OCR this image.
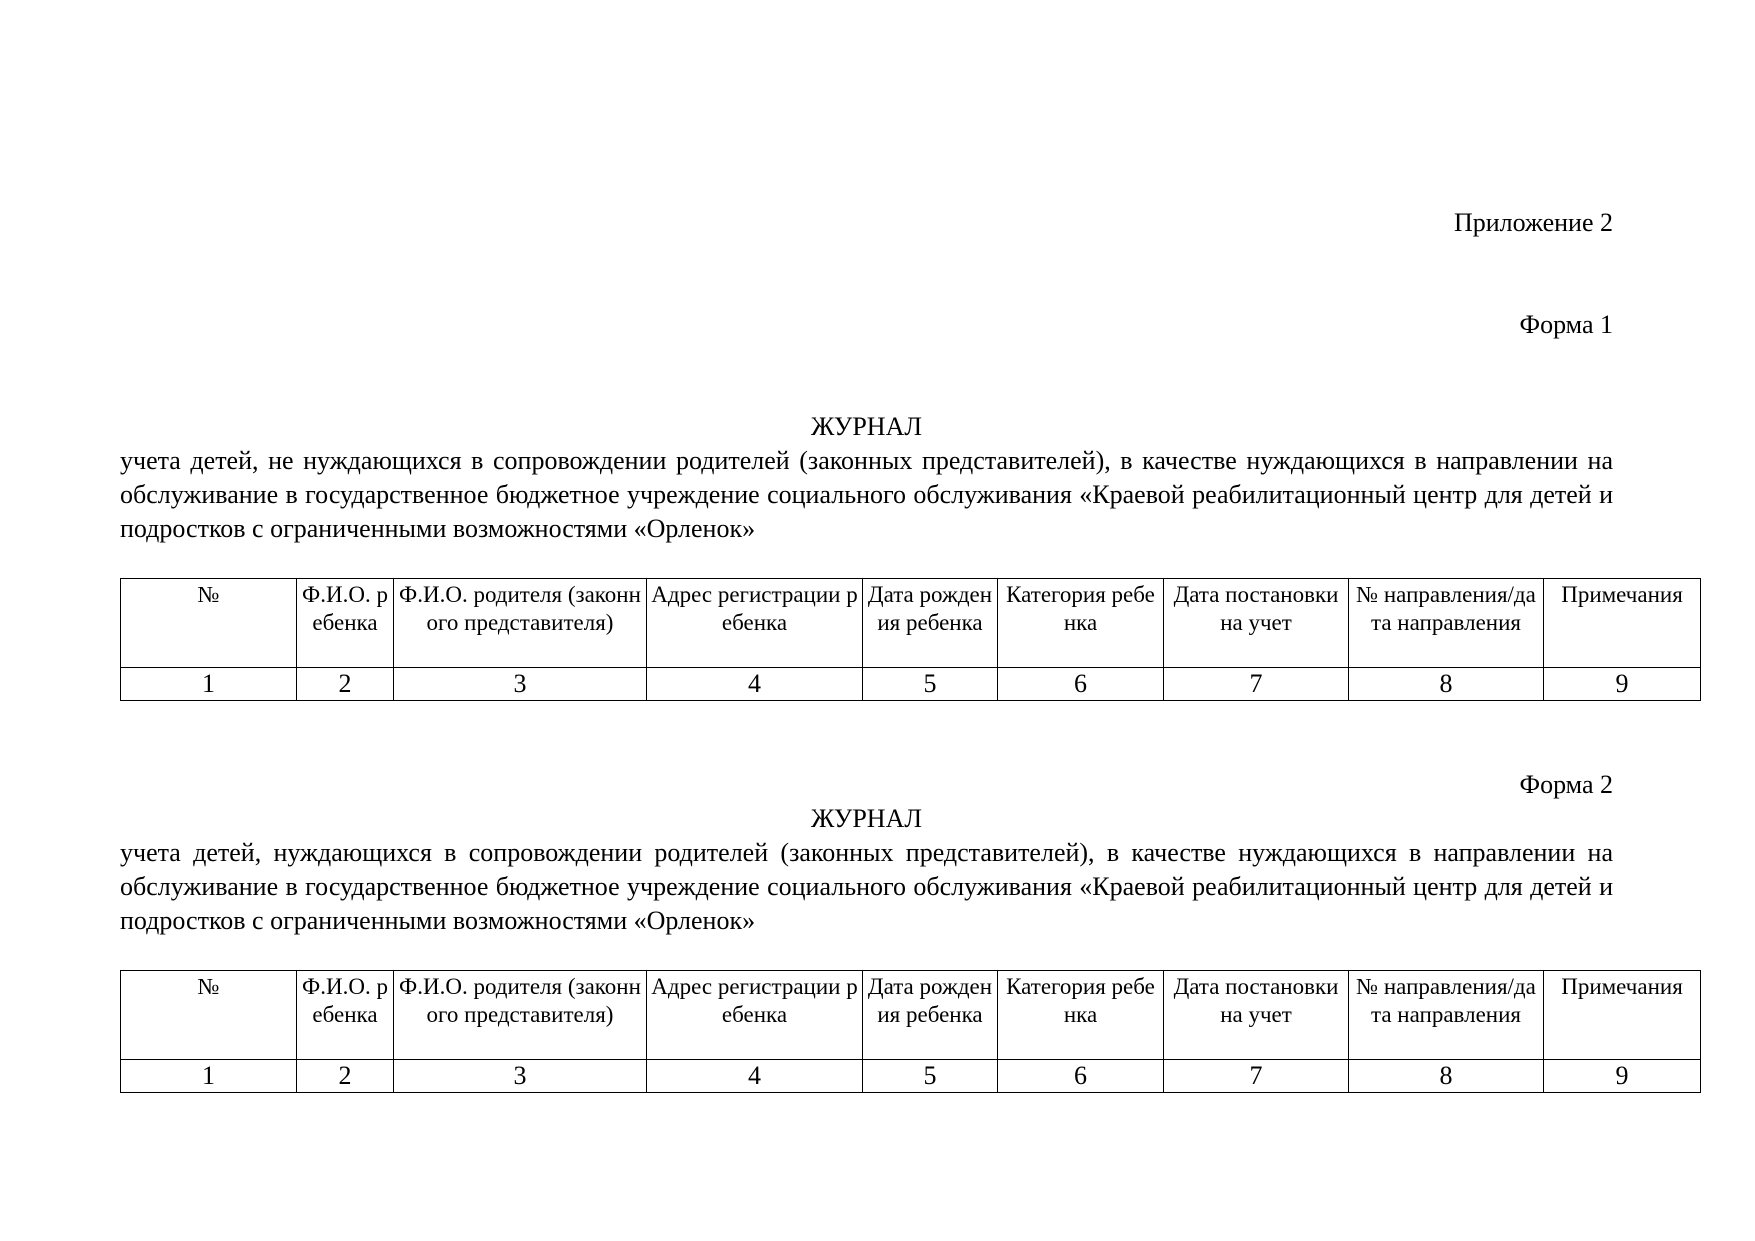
Приложение 2
Форма 1
ЖУРНАЛ
учета детей, не нуждающихся в сопровождении родителей (законных представителей), в качестве нуждающихся в направлении на обслуживание в государственное бюджетное учреждение социального обслуживания «Краевой реабилитационный центр для детей и подростков с ограниченными возможностями «Орленок»
№	Ф.И.О. ребенка	Ф.И.О. родителя (законного представителя)	Адрес регистрации ребенка	Дата рождения ребенка	Категория ребенка	Дата постановки на учет	№ направления/дата направления	Примечания
1	2	3	4	5	6	7	8	9
Форма 2
ЖУРНАЛ
учета детей, нуждающихся в сопровождении родителей (законных представителей), в качестве нуждающихся в направлении на обслуживание в государственное бюджетное учреждение социального обслуживания «Краевой реабилитационный центр для детей и подростков с ограниченными возможностями «Орленок»
№	Ф.И.О. ребенка	Ф.И.О. родителя (законного представителя)	Адрес регистрации ребенка	Дата рождения ребенка	Категория ребенка	Дата постановки на учет	№ направления/дата направления	Примечания
1	2	3	4	5	6	7	8	9
